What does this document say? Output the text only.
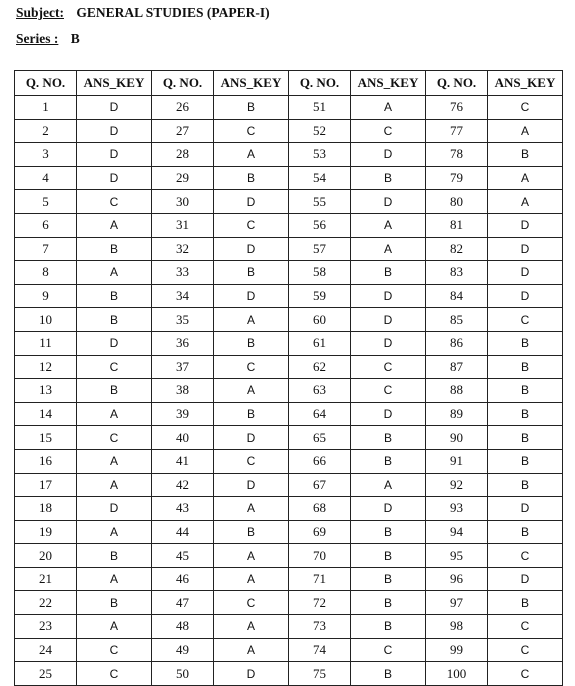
Subject: GENERAL STUDIES (PAPER-I)
Series : B
Q. NO.	ANS_KEY	Q. NO.	ANS_KEY	Q. NO.	ANS_KEY	Q. NO.	ANS_KEY
1	D	26	B	51	A	76	C
2	D	27	C	52	C	77	A
3	D	28	A	53	D	78	B
4	D	29	B	54	B	79	A
5	C	30	D	55	D	80	A
6	A	31	C	56	A	81	D
7	B	32	D	57	A	82	D
8	A	33	B	58	B	83	D
9	B	34	D	59	D	84	D
10	B	35	A	60	D	85	C
11	D	36	B	61	D	86	B
12	C	37	C	62	C	87	B
13	B	38	A	63	C	88	B
14	A	39	B	64	D	89	B
15	C	40	D	65	B	90	B
16	A	41	C	66	B	91	B
17	A	42	D	67	A	92	B
18	D	43	A	68	D	93	D
19	A	44	B	69	B	94	B
20	B	45	A	70	B	95	C
21	A	46	A	71	B	96	D
22	B	47	C	72	B	97	B
23	A	48	A	73	B	98	C
24	C	49	A	74	C	99	C
25	C	50	D	75	B	100	C
